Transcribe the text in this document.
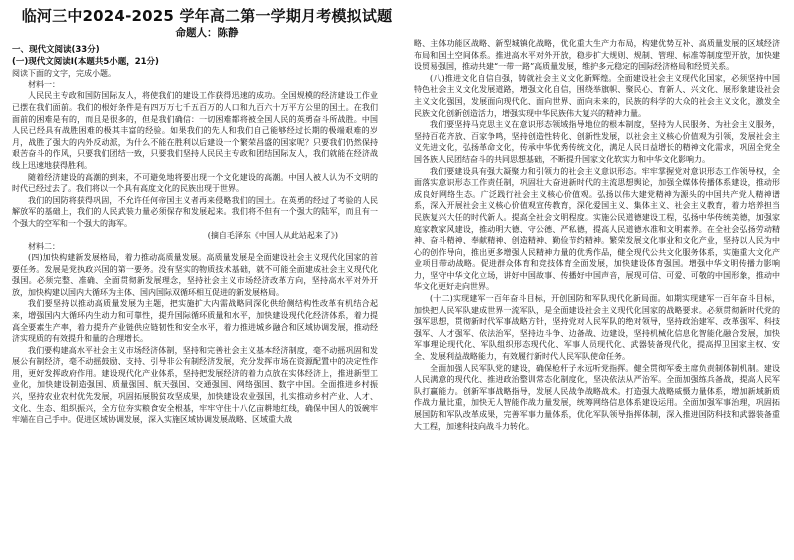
临河三中2024-2025 学年高二第一学期月考模拟试题
命题人：陈静
一、现代文阅读(33分)
(一)现代文阅读Ⅰ(本题共5小题，21分)
阅读下面的文字，完成小题。
材料一：
人民民主专政和国防国际友人，将使我们的建设工作获得迅速的成功。全国规模的经济建设工作业已摆在我们面前。我们的根好条件是有四万万七千五百万的人口和九百六十万平方公里的国土。在我们面前的困难是有的，而且是很多的，但是我们确信：一切困难都将被全国人民的英勇奋斗所战胜。中国人民已经具有战胜困难的极其丰富的经验。如果我们的先人和我们自己能够经过长期的极端艰难的岁月，战胜了强大的内外反动派，为什么不能在胜利以后建设一个繁荣昌盛的国家呢？只要我们仍然保持艰苦奋斗的作风，只要我们团结一致，只要我们坚持人民民主专政和团结国际友人，我们就能在经济战线上迅速地获得胜利。
随着经济建设的高潮的到来，不可避免地将要出现一个文化建设的高潮。中国人被人认为不文明的时代已经过去了。我们将以一个具有高度文化的民族出现于世界。
我们的国防将获得巩固，不允许任何帝国主义者再来侵略我们的国土。在英勇的经过了考验的人民解放军的基础上，我们的人民武装力量必须保存和发展起来。我们将不但有一个强大的陆军，而且有一个强大的空军和一个强大的海军。
(摘自毛泽东《中国人从此站起来了》)
材料二：
(四)加快构建新发展格局，着力推动高质量发展。高质量发展是全面建设社会主义现代化国家的首要任务。发展是党执政兴国的第一要务。没有坚实的物质技术基础，就不可能全面建成社会主义现代化强国。必须完整、准确、全面贯彻新发展理念，坚持社会主义市场经济改革方向，坚持高水平对外开放，加快构建以国内大循环为主体、国内国际双循环相互促进的新发展格局。
我们要坚持以推动高质量发展为主题，把实施扩大内需战略同深化供给侧结构性改革有机结合起来，增强国内大循环内生动力和可靠性，提升国际循环质量和水平，加快建设现代化经济体系，着力提高全要素生产率，着力提升产业链供应链韧性和安全水平，着力推进城乡融合和区域协调发展，推动经济实现质的有效提升和量的合理增长。
我们要构建高水平社会主义市场经济体制，坚持和完善社会主义基本经济制度，毫不动摇巩固和发展公有制经济，毫不动摇鼓励、支持、引导非公有制经济发展，充分发挥市场在资源配置中的决定性作用，更好发挥政府作用。建设现代化产业体系，坚持把发展经济的着力点放在实体经济上，推进新型工业化，加快建设制造强国、质量强国、航天强国、交通强国、网络强国、数字中国。全面推进乡村振兴，坚持农业农村优先发展，巩固拓展脱贫攻坚成果，加快建设农业强国，扎实推动乡村产业、人才、文化、生态、组织振兴，全方位夯实粮食安全根基，牢牢守住十八亿亩耕地红线，确保中国人的饭碗牢牢端在自己手中。促进区域协调发展，深入实施区域协调发展战略、区域重大战
略、主体功能区战略、新型城镇化战略，优化重大生产力布局，构建优势互补、高质量发展的区域经济布局和国土空间体系。推进高水平对外开放，稳步扩大规则、规制、管理、标准等制度型开放，加快建设贸易强国，推动共建“一带一路”高质量发展，维护多元稳定的国际经济格局和经贸关系。
(八)推进文化自信自强，铸就社会主义文化新辉煌。全面建设社会主义现代化国家，必须坚持中国特色社会主义文化发展道路，增强文化自信，围绕举旗帜、聚民心、育新人、兴文化、展形象建设社会主义文化强国，发展面向现代化、面向世界、面向未来的，民族的科学的大众的社会主义文化，激发全民族文化创新创造活力，增强实现中华民族伟大复兴的精神力量。
我们要坚持马克思主义在意识形态领域指导地位的根本制度，坚持为人民服务、为社会主义服务，坚持百花齐放、百家争鸣，坚持创造性转化、创新性发展，以社会主义核心价值观为引领，发展社会主义先进文化，弘扬革命文化，传承中华优秀传统文化，满足人民日益增长的精神文化需求，巩固全党全国各族人民团结奋斗的共同思想基础，不断提升国家文化软实力和中华文化影响力。
我们要建设具有强大凝聚力和引领力的社会主义意识形态。牢牢掌握党对意识形态工作领导权，全面落实意识形态工作责任制，巩固壮大奋进新时代的主流思想舆论，加强全媒体传播体系建设，推动形成良好网络生态。广泛践行社会主义核心价值观。弘扬以伟大建党精神为源头的中国共产党人精神谱系，深入开展社会主义核心价值观宣传教育，深化爱国主义、集体主义、社会主义教育，着力培养担当民族复兴大任的时代新人。提高全社会文明程度。实施公民道德建设工程，弘扬中华传统美德，加强家庭家教家风建设，推动明大德、守公德、严私德，提高人民道德水准和文明素养。在全社会弘扬劳动精神、奋斗精神、奉献精神、创造精神、勤俭节约精神。繁荣发展文化事业和文化产业，坚持以人民为中心的创作导向，推出更多增强人民精神力量的优秀作品，健全现代公共文化服务体系，实施重大文化产业项目带动战略。促进群众体育和竞技体育全面发展，加快建设体育强国。增强中华文明传播力影响力，坚守中华文化立场，讲好中国故事、传播好中国声音，展现可信、可爱、可敬的中国形象，推动中华文化更好走向世界。
(十二)实现建军一百年奋斗目标，开创国防和军队现代化新局面。如期实现建军一百年奋斗目标，加快把人民军队建成世界一流军队，是全面建设社会主义现代化国家的战略要求。必须贯彻新时代党的强军思想，贯彻新时代军事战略方针，坚持党对人民军队的绝对领导，坚持政治建军、改革强军、科技强军、人才强军、依法治军，坚持边斗争、边备战、边建设，坚持机械化信息化智能化融合发展，加快军事理论现代化、军队组织形态现代化、军事人员现代化、武器装备现代化，提高捍卫国家主权、安全、发展利益战略能力，有效履行新时代人民军队使命任务。
全面加强人民军队党的建设，确保枪杆子永远听党指挥。健全贯彻军委主席负责制体制机制。建设人民满意的现代化、推进政治整训常态化制度化，坚决依法从严治军。全面加强练兵备战，提高人民军队打赢能力。创新军事战略指导，发展人民战争战略战术。打造强大战略威慑力量体系，增加新域新质作战力量比重，加快无人智能作战力量发展，统筹网络信息体系建设运用。全面加强军事治理，巩固拓展国防和军队改革成果，完善军事力量体系，优化军队领导指挥体制，深入推进国防科技和武器装备重大工程，加速科技向战斗力转化。
